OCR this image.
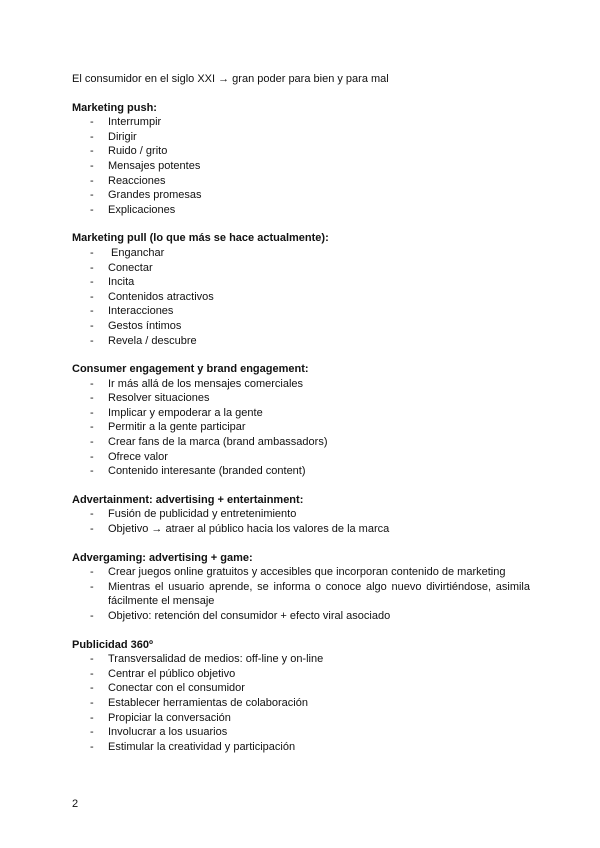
El consumidor en el siglo XXI → gran poder para bien y para mal

Marketing push:

- Interrumpir
- Dirigir
- Ruido / grito
- Mensajes potentes
- Reacciones
- Grandes promesas
- Explicaciones

Marketing pull (lo que más se hace actualmente):

- Enganchar
- Conectar
- Incita
- Contenidos atractivos
- Interacciones
- Gestos íntimos
- Revela / descubre

Consumer engagement y brand engagement:

- Ir más allá de los mensajes comerciales
- Resolver situaciones
- Implicar y empoderar a la gente
- Permitir a la gente participar
- Crear fans de la marca (brand ambassadors)
- Ofrece valor
- Contenido interesante (branded content)

Advertainment: advertising + entertainment:

- Fusión de publicidad y entretenimiento
- Objetivo → atraer al público hacia los valores de la marca

Advergaming: advertising + game:

- Crear juegos online gratuitos y accesibles que incorporan contenido de marketing
- Mientras el usuario aprende, se informa o conoce algo nuevo divirtiéndose, asimila fácilmente el mensaje
- Objetivo: retención del consumidor + efecto viral asociado

Publicidad 360º

- Transversalidad de medios: off-line y on-line
- Centrar el público objetivo
- Conectar con el consumidor
- Establecer herramientas de colaboración
- Propiciar la conversación
- Involucrar a los usuarios
- Estimular la creatividad y participación
2
